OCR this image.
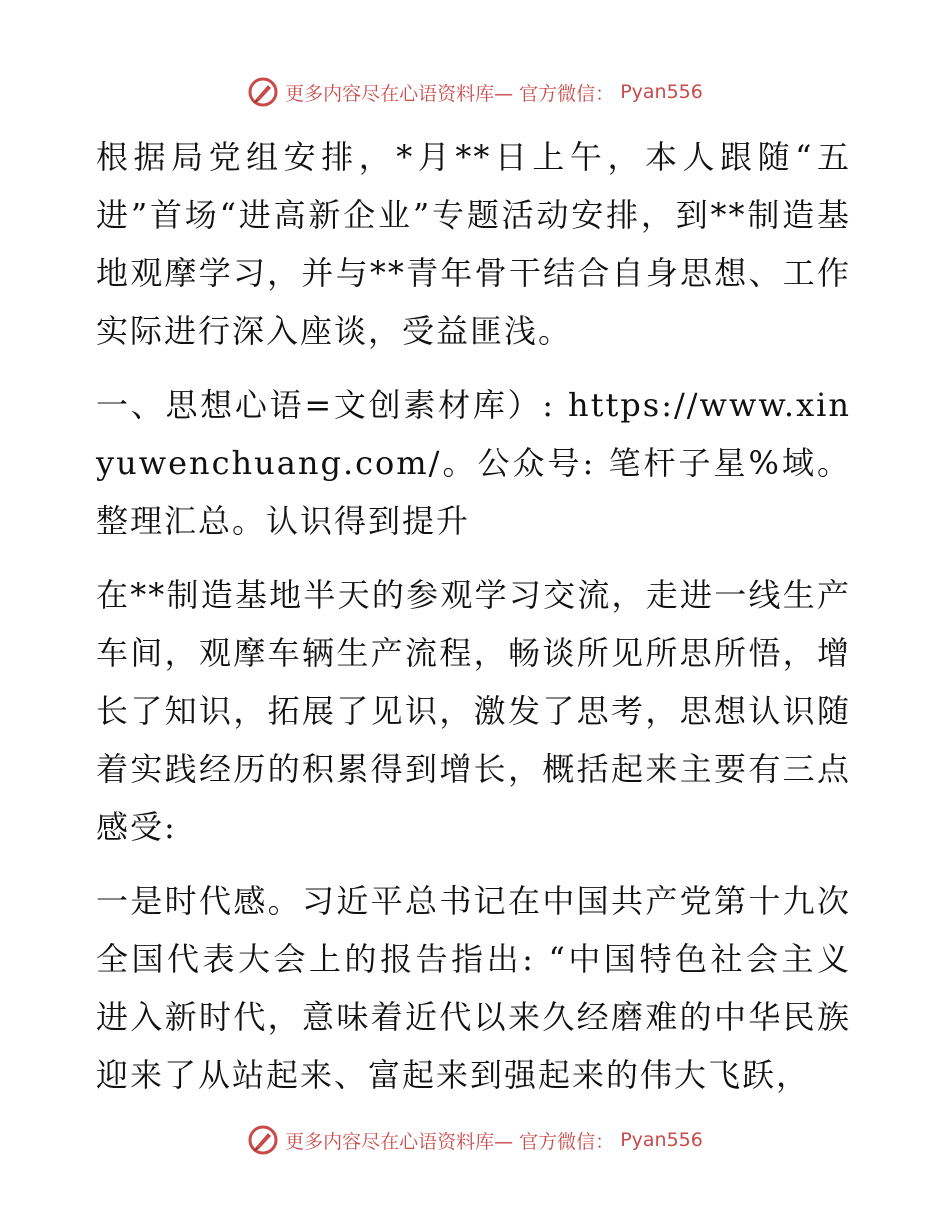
更多内容尽在心语资料库— 官方微信： Pyan556

根据局党组安排，*月**日上午，本人跟随“五进”首场“进高新企业”专题活动安排，到**制造基地观摩学习，并与**青年骨干结合自身思想、工作实际进行深入座谈，受益匪浅。

一、思想心语=文创素材库）: https://www.xinyuwenchuang.com/。公众号: 笔杆子星%域。整理汇总。认识得到提升

在**制造基地半天的参观学习交流，走进一线生产车间，观摩车辆生产流程，畅谈所见所思所悟，增长了知识，拓展了见识，激发了思考，思想认识随着实践经历的积累得到增长，概括起来主要有三点感受:

一是时代感。习近平总书记在中国共产党第十九次全国代表大会上的报告指出: “中国特色社会主义进入新时代，意味着近代以来久经磨难的中华民族迎来了从站起来、富起来到强起来的伟大飞跃，

更多内容尽在心语资料库— 官方微信： Pyan556
